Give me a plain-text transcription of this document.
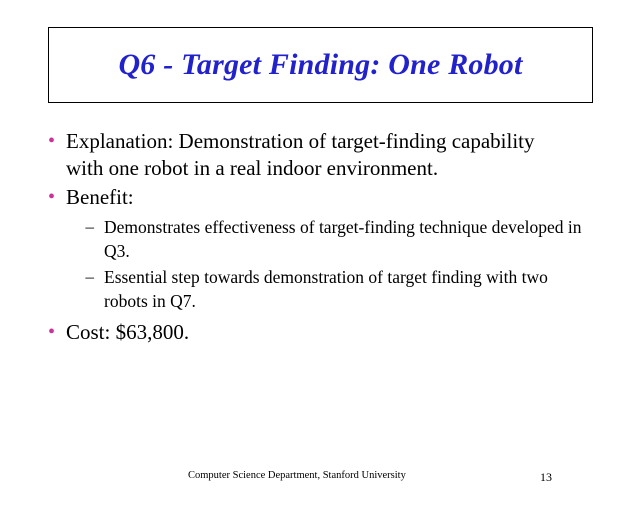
Q6 - Target Finding: One Robot
• Explanation: Demonstration of target-finding capability with one robot in a real indoor environment.
• Benefit:
– Demonstrates effectiveness of target-finding technique developed in Q3.
– Essential step towards demonstration of target finding with two robots in Q7.
• Cost: $63,800.
Computer Science Department, Stanford University	13
